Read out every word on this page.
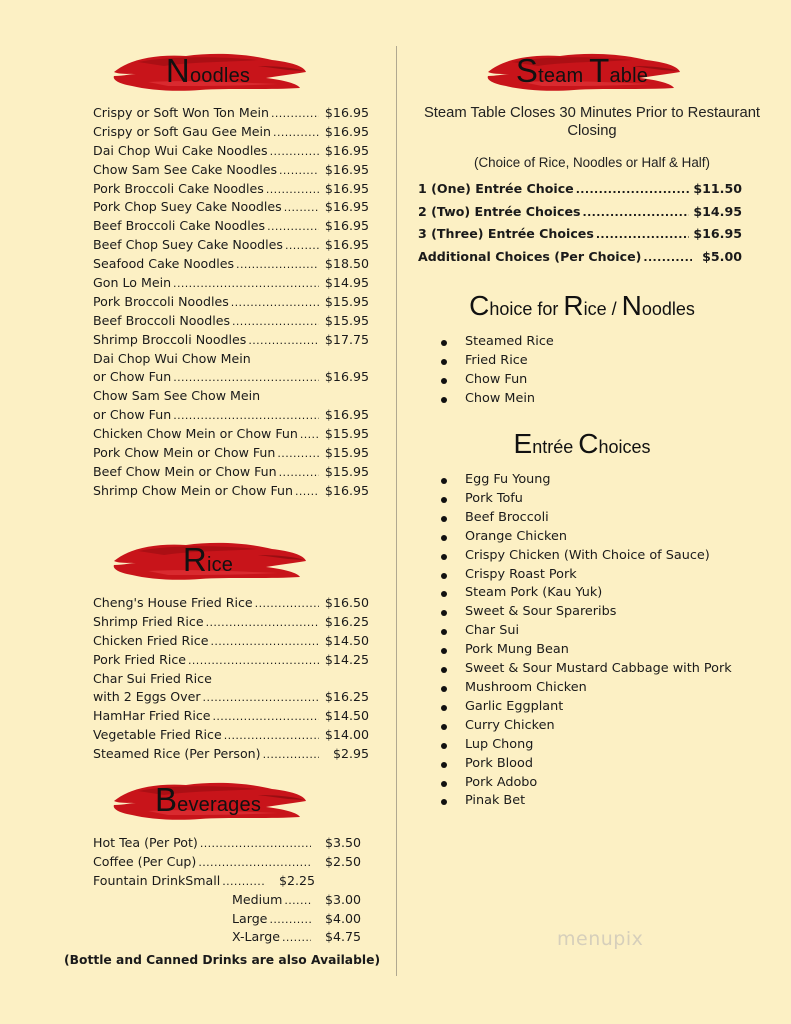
Noodles
Crispy or Soft Won Ton Mein .....	$16.95
Crispy or Soft Gau Gee Mein .....	$16.95
Dai Chop Wui Cake Noodles .....	$16.95
Chow Sam See Cake Noodles .....	$16.95
Pork Broccoli Cake Noodles .....	$16.95
Pork Chop Suey Cake Noodles .....	$16.95
Beef Broccoli Cake Noodles .....	$16.95
Beef Chop Suey Cake Noodles .....	$16.95
Seafood Cake Noodles .....	$18.50
Gon Lo Mein .....	$14.95
Pork Broccoli Noodles .....	$15.95
Beef Broccoli Noodles .....	$15.95
Shrimp Broccoli Noodles .....	$17.75
Dai Chop Wui Chow Mein
or Chow Fun .....	$16.95
Chow Sam See Chow Mein
or Chow Fun .....	$16.95
Chicken Chow Mein or Chow Fun ..... $15.95
Pork Chow Mein or Chow Fun .....	$15.95
Beef Chow Mein or Chow Fun .....	$15.95
Shrimp Chow Mein or Chow Fun .....	$16.95
Rice
Cheng's House Fried Rice .....	$16.50
Shrimp Fried Rice .....	$16.25
Chicken Fried Rice .....	$14.50
Pork Fried Rice .....	$14.25
Char Sui Fried Rice
with 2 Eggs Over .....	$16.25
HamHar Fried Rice .....	$14.50
Vegetable Fried Rice .....	$14.00
Steamed Rice (Per Person) .....	$2.95
Beverages
Hot Tea (Per Pot) .....	$3.50
Coffee (Per Cup) .....	$2.50
Fountain DrinkSmall .....	$2.25
Medium .....	$3.00
Large .....	$4.00
X-Large .....	$4.75
(Bottle and Canned Drinks are also Available)
Steam Table
Steam Table Closes 30 Minutes Prior to Restaurant Closing
(Choice of Rice, Noodles or Half & Half)
1 (One) Entrée Choice .....	$11.50
2 (Two) Entrée Choices .....	$14.95
3 (Three) Entrée Choices .....	$16.95
Additional Choices (Per Choice) .....	$5.00
Choice for Rice / Noodles
Steamed Rice
Fried Rice
Chow Fun
Chow Mein
Entrée Choices
Egg Fu Young
Pork Tofu
Beef Broccoli
Orange Chicken
Crispy Chicken (With Choice of Sauce)
Crispy Roast Pork
Steam Pork (Kau Yuk)
Sweet & Sour Spareribs
Char Sui
Pork Mung Bean
Sweet & Sour Mustard Cabbage with Pork
Mushroom Chicken
Garlic Eggplant
Curry Chicken
Lup Chong
Pork Blood
Pork Adobo
Pinak Bet
menupix
